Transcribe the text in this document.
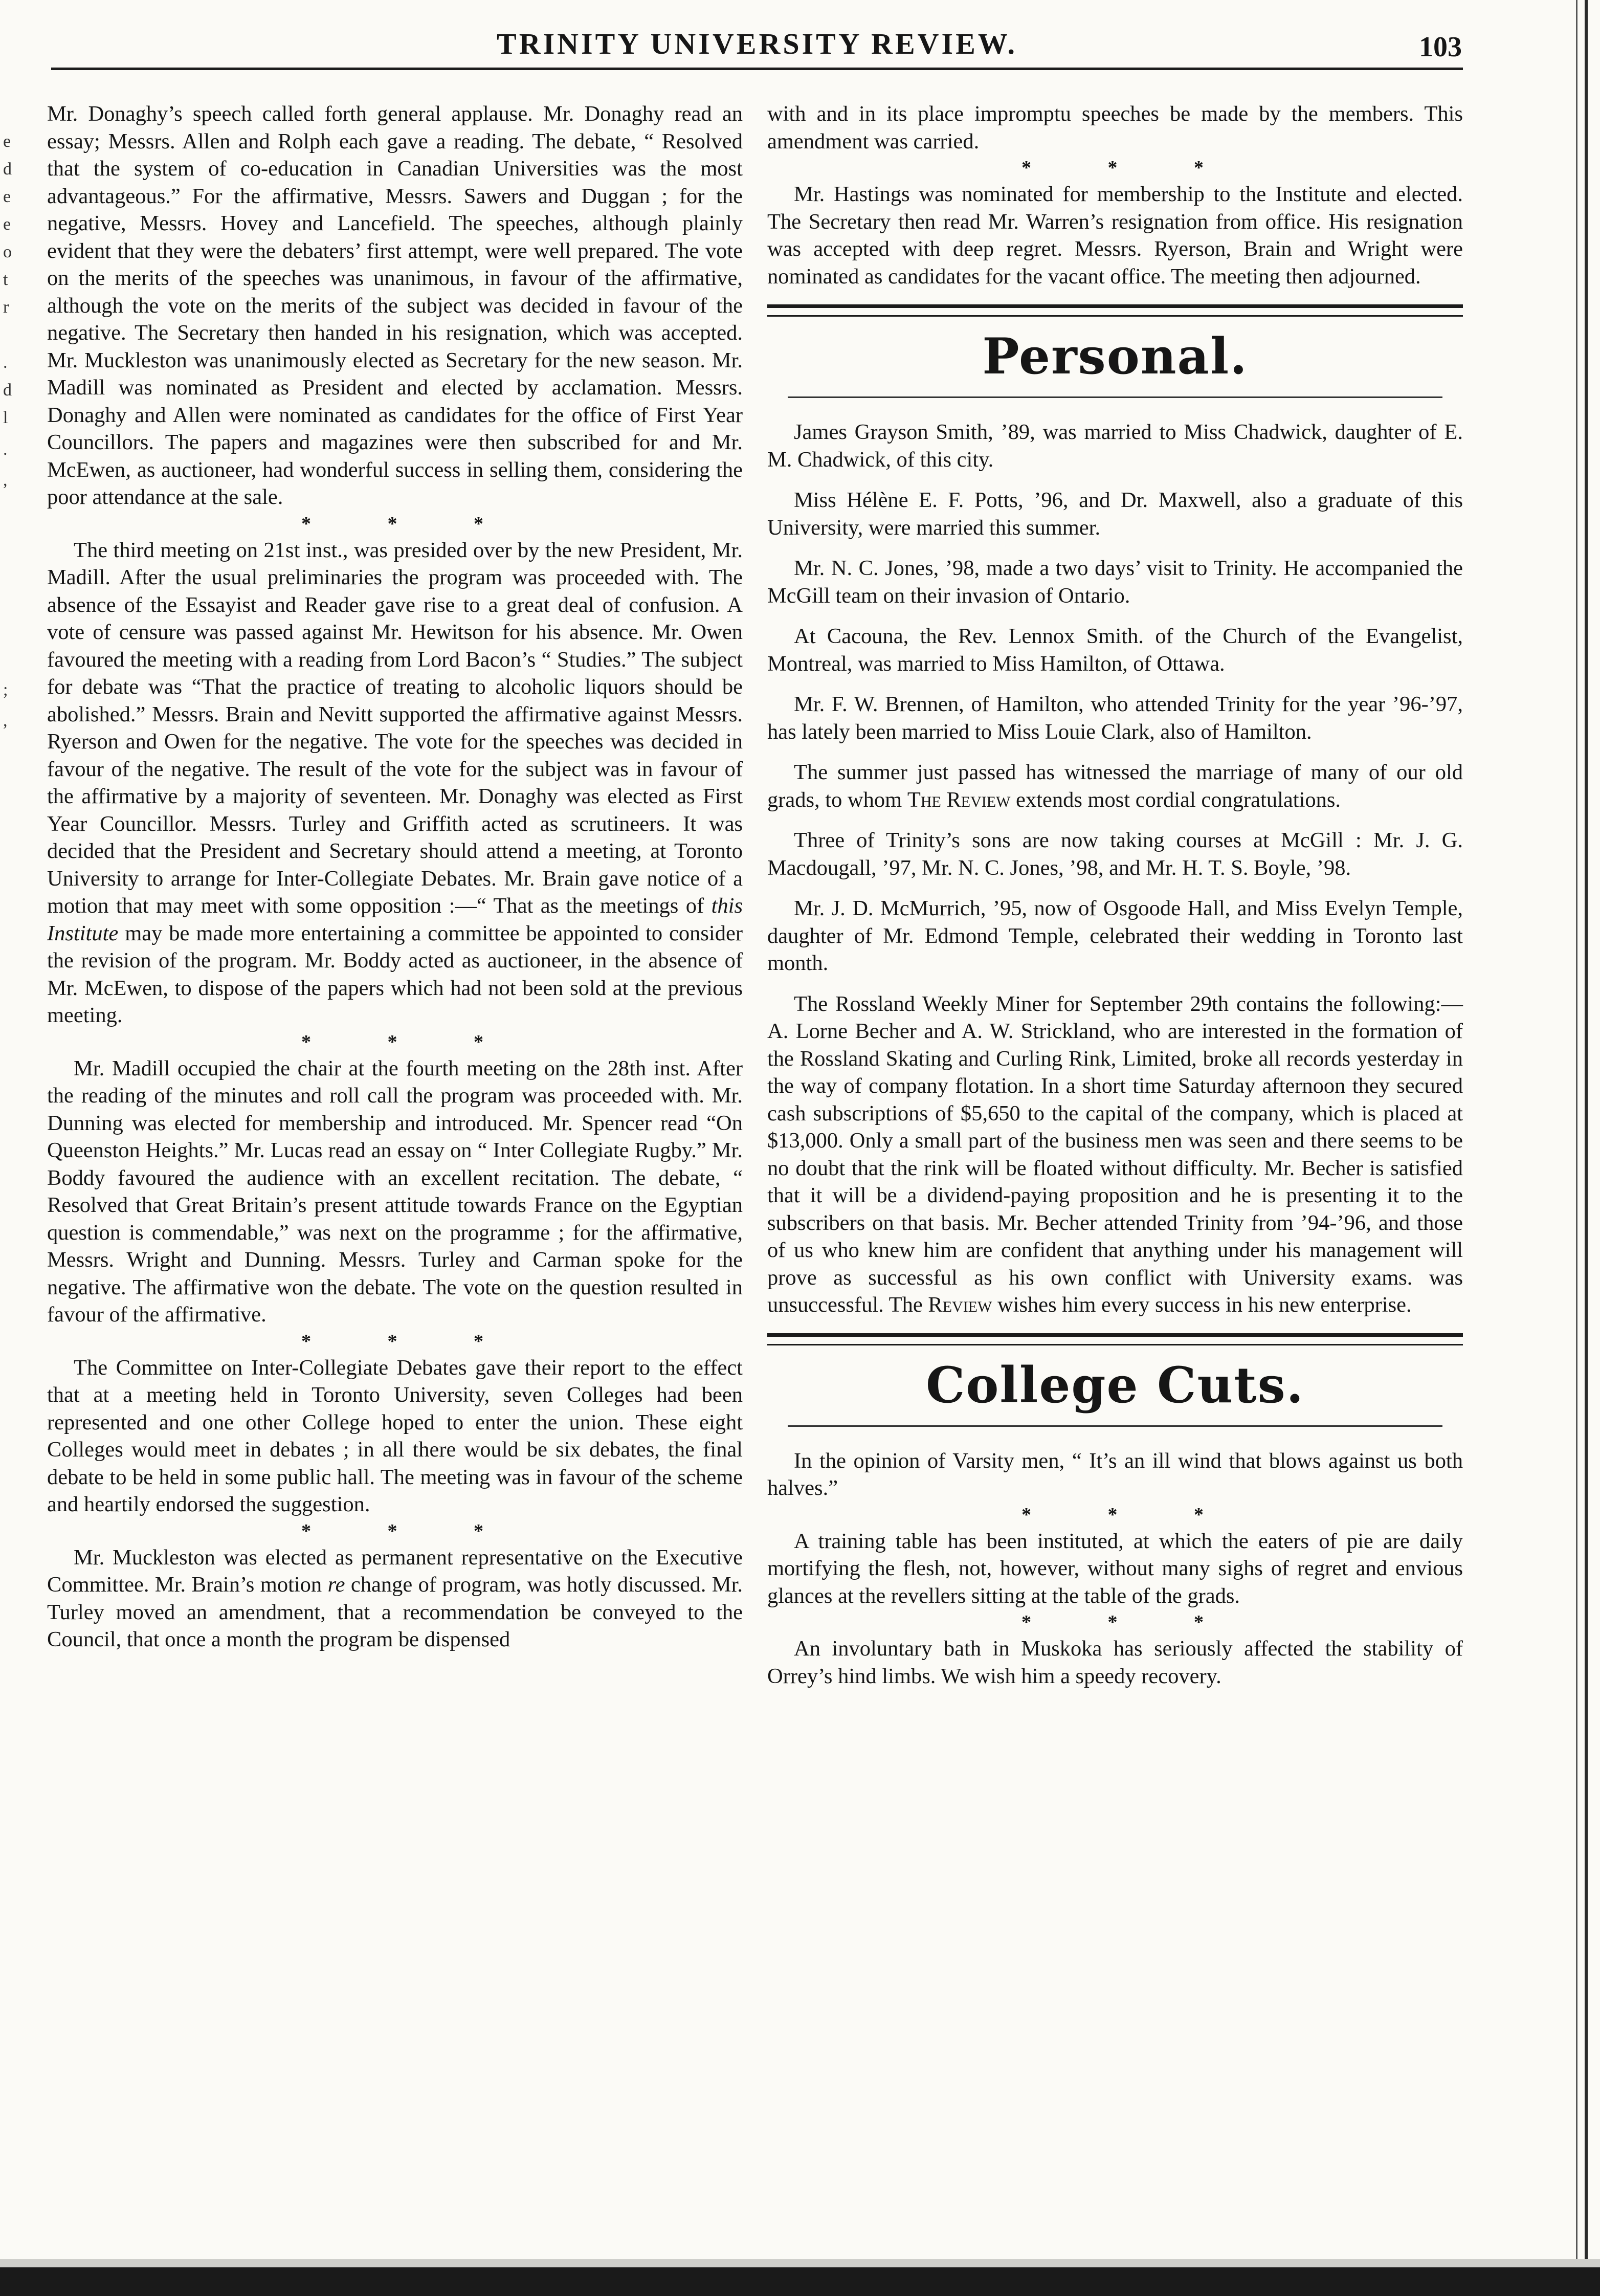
e
d
e
e
o
t
r
.
d
l
.
,
;
,
TRINITY UNIVERSITY REVIEW.	103

Mr. Donaghy’s speech called forth general applause. Mr. Donaghy read an essay; Messrs. Allen and Rolph each gave a reading. The debate, “ Resolved that the system of co-education in Canadian Universities was the most advantageous.” For the affirmative, Messrs. Sawers and Duggan ; for the negative, Messrs. Hovey and Lancefield. The speeches, although plainly evident that they were the debaters’ first attempt, were well prepared. The vote on the merits of the speeches was unanimous, in favour of the affirmative, although the vote on the merits of the subject was decided in favour of the negative. The Secretary then handed in his resignation, which was accepted. Mr. Muckleston was unanimously elected as Secretary for the new season. Mr. Madill was nominated as President and elected by acclamation. Messrs. Donaghy and Allen were nominated as candidates for the office of First Year Councillors. The papers and magazines were then subscribed for and Mr. McEwen, as auctioneer, had wonderful success in selling them, considering the poor attendance at the sale.

* * *

The third meeting on 21st inst., was presided over by the new President, Mr. Madill. After the usual preliminaries the program was proceeded with. The absence of the Essayist and Reader gave rise to a great deal of confusion. A vote of censure was passed against Mr. Hewitson for his absence. Mr. Owen favoured the meeting with a reading from Lord Bacon’s “ Studies.” The subject for debate was “That the practice of treating to alcoholic liquors should be abolished.” Messrs. Brain and Nevitt supported the affirmative against Messrs. Ryerson and Owen for the negative. The vote for the speeches was decided in favour of the negative. The result of the vote for the subject was in favour of the affirmative by a majority of seventeen. Mr. Donaghy was elected as First Year Councillor. Messrs. Turley and Griffith acted as scrutineers. It was decided that the President and Secretary should attend a meeting, at Toronto University to arrange for Inter-Collegiate Debates. Mr. Brain gave notice of a motion that may meet with some opposition :—“ That as the meetings of this Institute may be made more entertaining a committee be appointed to consider the revision of the program. Mr. Boddy acted as auctioneer, in the absence of Mr. McEwen, to dispose of the papers which had not been sold at the previous meeting.

* * *

Mr. Madill occupied the chair at the fourth meeting on the 28th inst. After the reading of the minutes and roll call the program was proceeded with. Mr. Dunning was elected for membership and introduced. Mr. Spencer read “On Queenston Heights.” Mr. Lucas read an essay on “ Inter Collegiate Rugby.” Mr. Boddy favoured the audience with an excellent recitation. The debate, “ Resolved that Great Britain’s present attitude towards France on the Egyptian question is commendable,” was next on the programme ; for the affirmative, Messrs. Wright and Dunning. Messrs. Turley and Carman spoke for the negative. The affirmative won the debate. The vote on the question resulted in favour of the affirmative.

* * *

The Committee on Inter-Collegiate Debates gave their report to the effect that at a meeting held in Toronto University, seven Colleges had been represented and one other College hoped to enter the union. These eight Colleges would meet in debates ; in all there would be six debates, the final debate to be held in some public hall. The meeting was in favour of the scheme and heartily endorsed the suggestion.

* * *

Mr. Muckleston was elected as permanent representative on the Executive Committee. Mr. Brain’s motion re change of program, was hotly discussed. Mr. Turley moved an amendment, that a recommendation be conveyed to the Council, that once a month the program be dispensed

with and in its place impromptu speeches be made by the members. This amendment was carried.

* * *

Mr. Hastings was nominated for membership to the Institute and elected. The Secretary then read Mr. Warren’s resignation from office. His resignation was accepted with deep regret. Messrs. Ryerson, Brain and Wright were nominated as candidates for the vacant office. The meeting then adjourned.

Personal.

James Grayson Smith, ’89, was married to Miss Chadwick, daughter of E. M. Chadwick, of this city.

Miss Hélène E. F. Potts, ’96, and Dr. Maxwell, also a graduate of this University, were married this summer.

Mr. N. C. Jones, ’98, made a two days’ visit to Trinity. He accompanied the McGill team on their invasion of Ontario.

At Cacouna, the Rev. Lennox Smith. of the Church of the Evangelist, Montreal, was married to Miss Hamilton, of Ottawa.

Mr. F. W. Brennen, of Hamilton, who attended Trinity for the year ’96-’97, has lately been married to Miss Louie Clark, also of Hamilton.

The summer just passed has witnessed the marriage of many of our old grads, to whom The Review extends most cordial congratulations.

Three of Trinity’s sons are now taking courses at McGill : Mr. J. G. Macdougall, ’97, Mr. N. C. Jones, ’98, and Mr. H. T. S. Boyle, ’98.

Mr. J. D. McMurrich, ’95, now of Osgoode Hall, and Miss Evelyn Temple, daughter of Mr. Edmond Temple, celebrated their wedding in Toronto last month.

The Rossland Weekly Miner for September 29th contains the following:—A. Lorne Becher and A. W. Strickland, who are interested in the formation of the Rossland Skating and Curling Rink, Limited, broke all records yesterday in the way of company flotation. In a short time Saturday afternoon they secured cash subscriptions of $5,650 to the capital of the company, which is placed at $13,000. Only a small part of the business men was seen and there seems to be no doubt that the rink will be floated without difficulty. Mr. Becher is satisfied that it will be a dividend-paying proposition and he is presenting it to the subscribers on that basis. Mr. Becher attended Trinity from ’94-’96, and those of us who knew him are confident that anything under his management will prove as successful as his own conflict with University exams. was unsuccessful. The Review wishes him every success in his new enterprise.

College Cuts.

In the opinion of Varsity men, “ It’s an ill wind that blows against us both halves.”

* * *

A training table has been instituted, at which the eaters of pie are daily mortifying the flesh, not, however, without many sighs of regret and envious glances at the revellers sitting at the table of the grads.

* * *

An involuntary bath in Muskoka has seriously affected the stability of Orrey’s hind limbs. We wish him a speedy recovery.
